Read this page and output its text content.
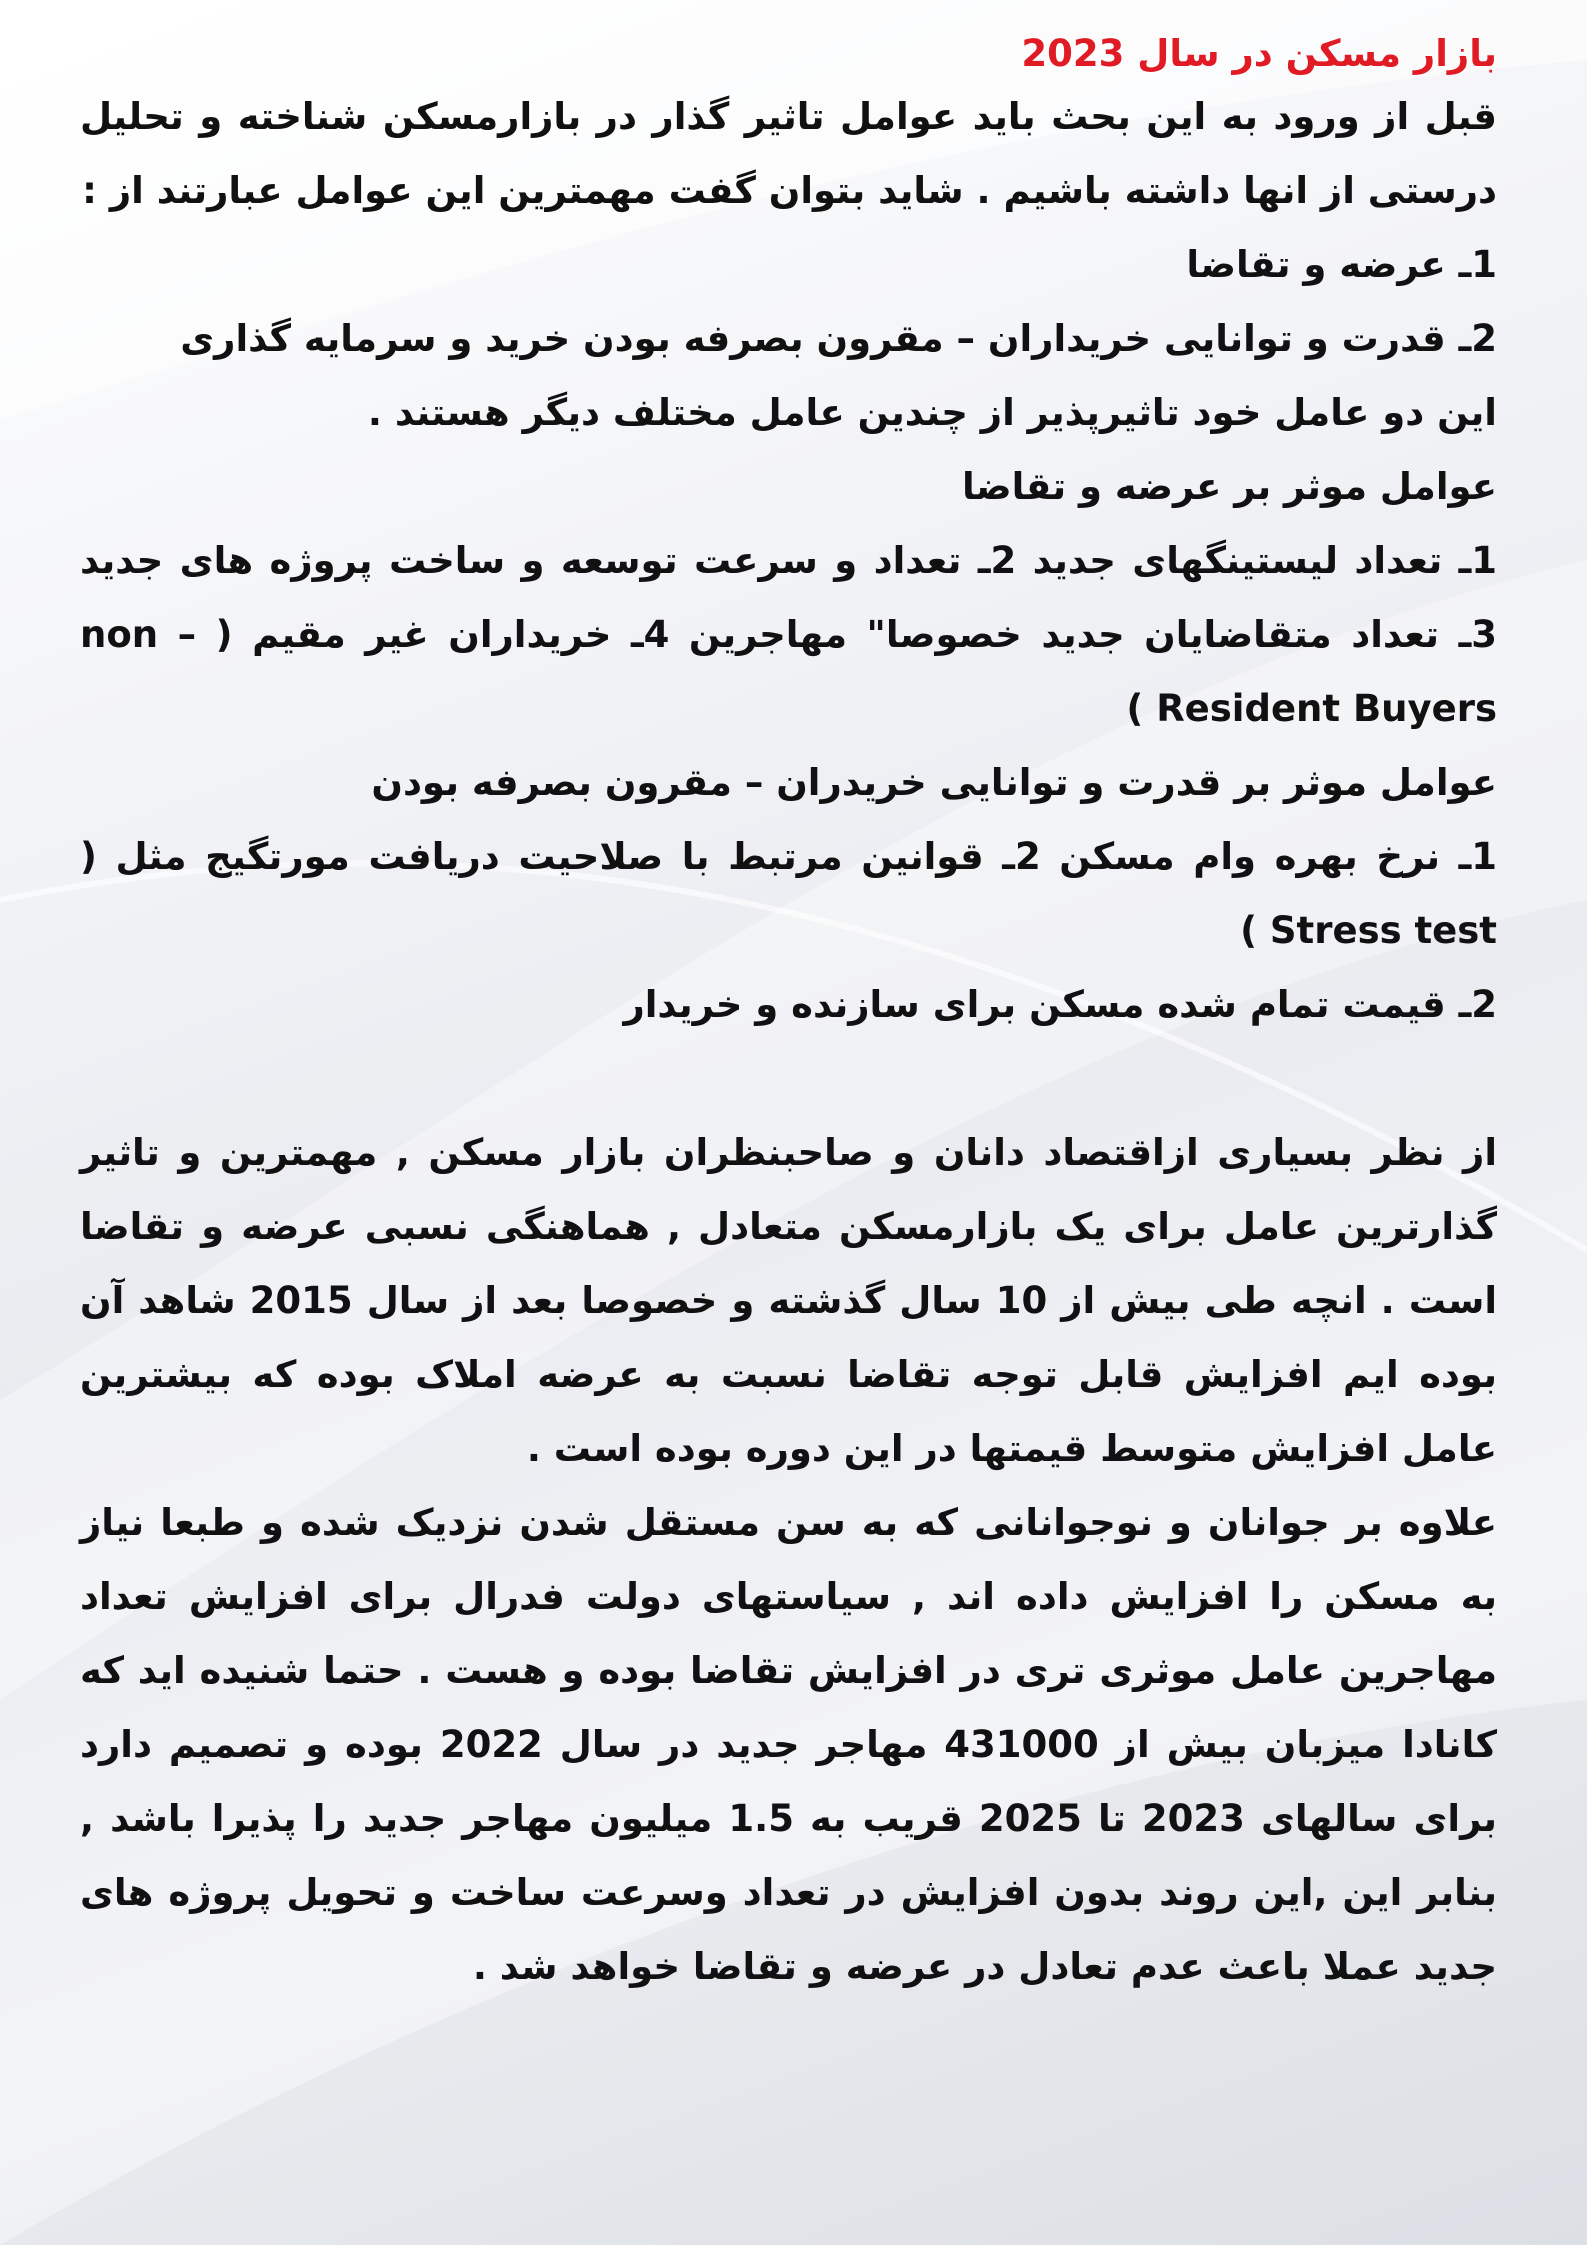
بازار مسکن در سال 2023
قبل از ورود به این بحث باید عوامل تاثیر گذار در بازارمسکن شناخته و تحلیل درستی از انها داشته باشیم . شاید بتوان گفت مهمترین این عوامل عبارتند از :
1ـ عرضه و تقاضا
2ـ قدرت و توانایی خریداران – مقرون بصرفه بودن خرید و سرمایه گذاری
این دو عامل خود تاثیرپذیر از چندین عامل مختلف دیگر هستند .
عوامل موثر بر عرضه و تقاضا
1ـ تعداد لیستینگهای جدید 2ـ تعداد و سرعت توسعه و ساخت پروژه های جدید 3ـ تعداد متقاضایان جدید خصوصا" مهاجرین 4ـ خریداران غیر مقیم ( non – Resident Buyers )
عوامل موثر بر قدرت و توانایی خریدران – مقرون بصرفه بودن
1ـ نرخ بهره وام مسکن 2ـ قوانین مرتبط با صلاحیت دریافت مورتگیج مثل ( Stress test )
2ـ قیمت تمام شده مسکن برای سازنده و خریدار
از نظر بسیاری ازاقتصاد دانان و صاحبنظران بازار مسکن , مهمترین و تاثیر گذارترین عامل برای یک بازارمسکن متعادل , هماهنگی نسبی عرضه و تقاضا است . انچه طی بیش از 10 سال گذشته و خصوصا بعد از سال 2015 شاهد آن بوده ایم افزایش قابل توجه تقاضا نسبت به عرضه املاک بوده که بیشترین عامل افزایش متوسط قیمتها در این دوره بوده است .
علاوه بر جوانان و نوجوانانی که به سن مستقل شدن نزدیک شده و طبعا نیاز به مسکن را افزایش داده اند , سیاستهای دولت فدرال برای افزایش تعداد مهاجرین عامل موثری تری در افزایش تقاضا بوده و هست . حتما شنیده اید که کانادا میزبان بیش از 431000 مهاجر جدید در سال 2022 بوده و تصمیم دارد برای سالهای 2023 تا 2025 قریب به 1.5 میلیون مهاجر جدید را پذیرا باشد , بنابر این ,این روند بدون افزایش در تعداد وسرعت ساخت و تحویل پروژه های جدید عملا باعث عدم تعادل در عرضه و تقاضا خواهد شد .
